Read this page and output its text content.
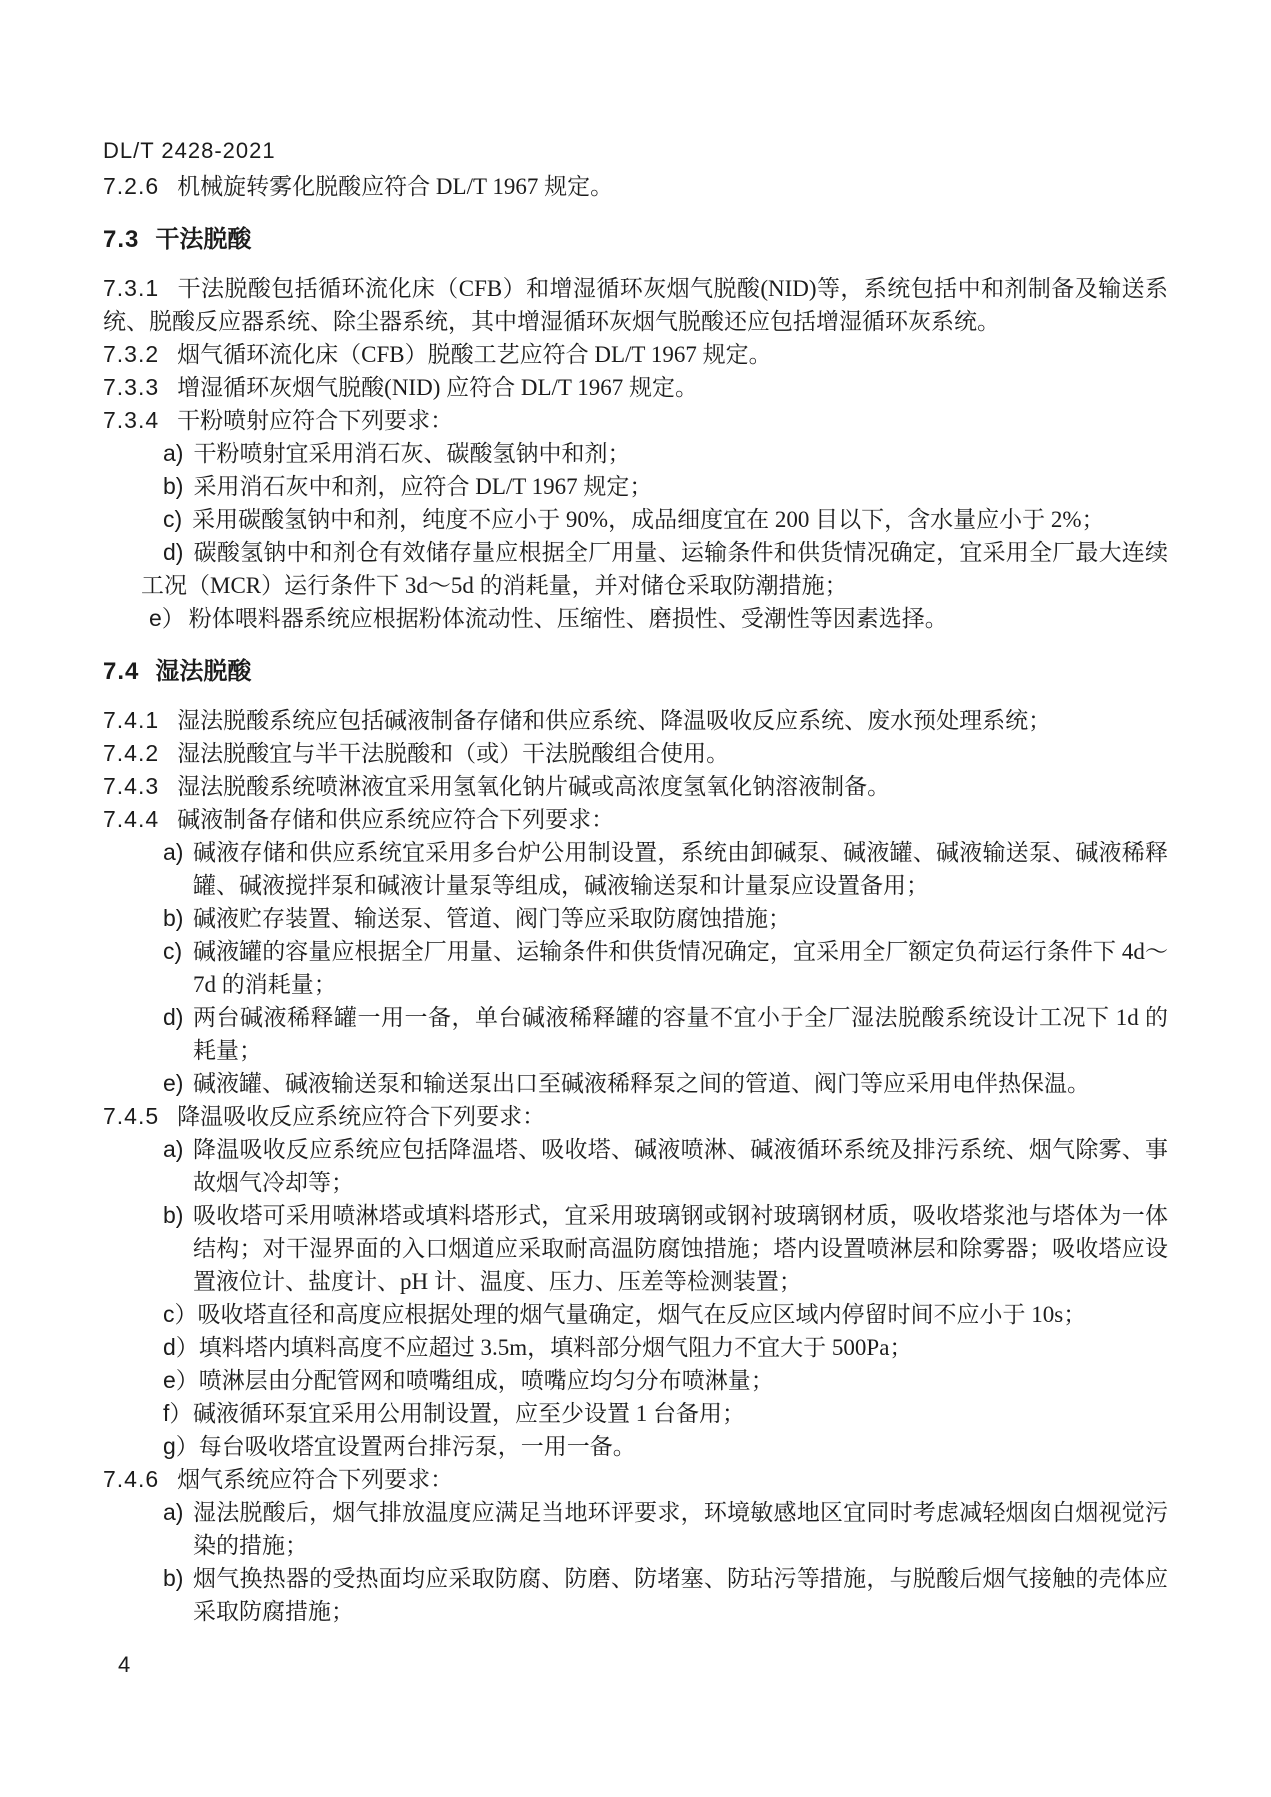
DL/T 2428-2021

7.2.6 机械旋转雾化脱酸应符合 DL/T 1967 规定。

7.3 干法脱酸

7.3.1 干法脱酸包括循环流化床（CFB）和增湿循环灰烟气脱酸(NID)等，系统包括中和剂制备及输送系统、脱酸反应器系统、除尘器系统，其中增湿循环灰烟气脱酸还应包括增湿循环灰系统。

7.3.2 烟气循环流化床（CFB）脱酸工艺应符合 DL/T 1967 规定。

7.3.3 增湿循环灰烟气脱酸(NID) 应符合 DL/T 1967 规定。

7.3.4 干粉喷射应符合下列要求：

a) 干粉喷射宜采用消石灰、碳酸氢钠中和剂；

b) 采用消石灰中和剂，应符合 DL/T 1967 规定；

c) 采用碳酸氢钠中和剂，纯度不应小于 90%，成品细度宜在 200 目以下，含水量应小于 2%；

d) 碳酸氢钠中和剂仓有效储存量应根据全厂用量、运输条件和供货情况确定，宜采用全厂最大连续工况（MCR）运行条件下 3d～5d 的消耗量，并对储仓采取防潮措施；

e） 粉体喂料器系统应根据粉体流动性、压缩性、磨损性、受潮性等因素选择。

7.4 湿法脱酸

7.4.1 湿法脱酸系统应包括碱液制备存储和供应系统、降温吸收反应系统、废水预处理系统；

7.4.2 湿法脱酸宜与半干法脱酸和（或）干法脱酸组合使用。

7.4.3 湿法脱酸系统喷淋液宜采用氢氧化钠片碱或高浓度氢氧化钠溶液制备。

7.4.4 碱液制备存储和供应系统应符合下列要求：

a) 碱液存储和供应系统宜采用多台炉公用制设置，系统由卸碱泵、碱液罐、碱液输送泵、碱液稀释罐、碱液搅拌泵和碱液计量泵等组成，碱液输送泵和计量泵应设置备用；

b) 碱液贮存装置、输送泵、管道、阀门等应采取防腐蚀措施；

c) 碱液罐的容量应根据全厂用量、运输条件和供货情况确定，宜采用全厂额定负荷运行条件下 4d～7d 的消耗量；

d) 两台碱液稀释罐一用一备，单台碱液稀释罐的容量不宜小于全厂湿法脱酸系统设计工况下 1d 的耗量；

e) 碱液罐、碱液输送泵和输送泵出口至碱液稀释泵之间的管道、阀门等应采用电伴热保温。

7.4.5 降温吸收反应系统应符合下列要求：

a) 降温吸收反应系统应包括降温塔、吸收塔、碱液喷淋、碱液循环系统及排污系统、烟气除雾、事故烟气冷却等；

b) 吸收塔可采用喷淋塔或填料塔形式，宜采用玻璃钢或钢衬玻璃钢材质，吸收塔浆池与塔体为一体结构；对干湿界面的入口烟道应采取耐高温防腐蚀措施；塔内设置喷淋层和除雾器；吸收塔应设置液位计、盐度计、pH 计、温度、压力、压差等检测装置；

c） 吸收塔直径和高度应根据处理的烟气量确定，烟气在反应区域内停留时间不应小于 10s；

d） 填料塔内填料高度不应超过 3.5m，填料部分烟气阻力不宜大于 500Pa；

e） 喷淋层由分配管网和喷嘴组成，喷嘴应均匀分布喷淋量；

f） 碱液循环泵宜采用公用制设置，应至少设置 1 台备用；

g） 每台吸收塔宜设置两台排污泵，一用一备。

7.4.6 烟气系统应符合下列要求：

a) 湿法脱酸后，烟气排放温度应满足当地环评要求，环境敏感地区宜同时考虑减轻烟囱白烟视觉污染的措施；

b) 烟气换热器的受热面均应采取防腐、防磨、防堵塞、防玷污等措施，与脱酸后烟气接触的壳体应采取防腐措施；

4
